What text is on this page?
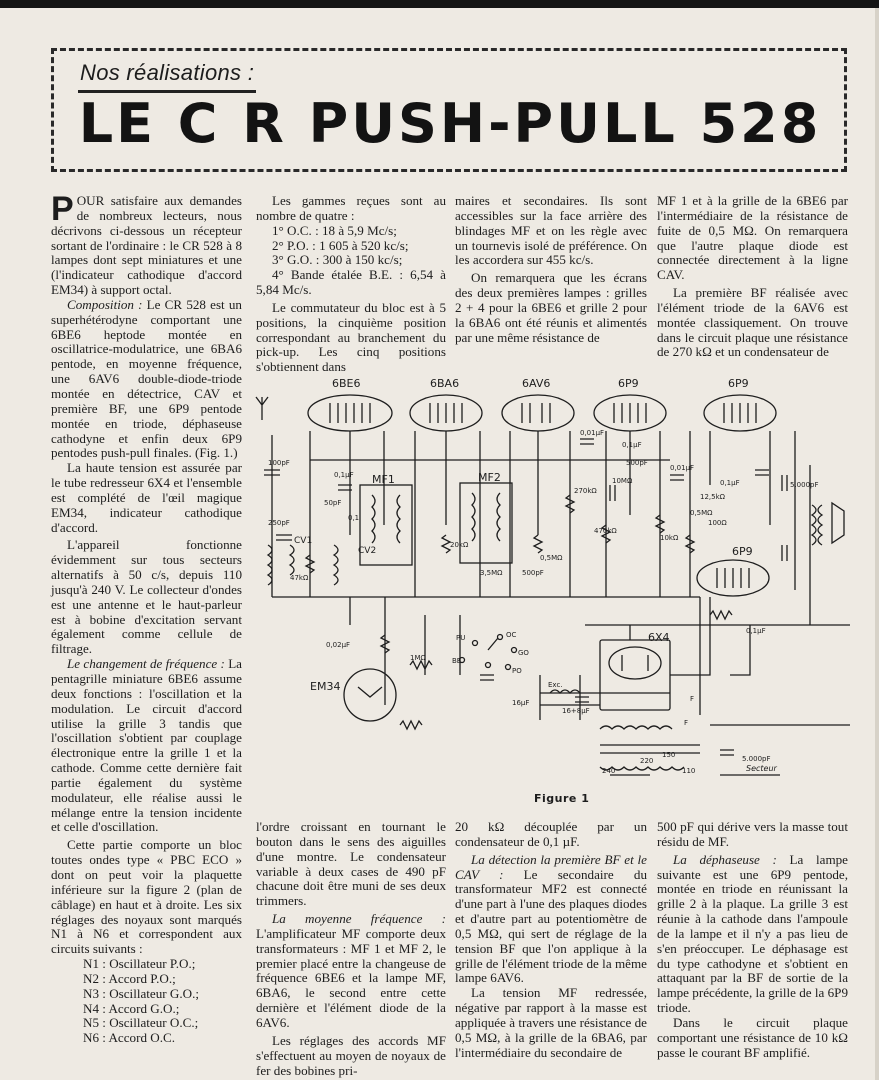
Nos réalisations :
LE C R PUSH-PULL 528

POUR satisfaire aux demandes de nombreux lecteurs, nous décrivons ci-dessous un récepteur sortant de l'ordinaire : le CR 528 à 8 lampes dont sept miniatures et une (l'indicateur cathodique d'accord EM34) à support octal.

Composition : Le CR 528 est un superhétérodyne comportant une 6BE6 heptode montée en oscillatrice-modulatrice, une 6BA6 pentode, en moyenne fréquence, une 6AV6 double-diode-triode montée en détectrice, CAV et première BF, une 6P9 pentode montée en triode, déphaseuse cathodyne et enfin deux 6P9 pentodes push-pull finales. (Fig. 1.)

La haute tension est assurée par le tube redresseur 6X4 et l'ensemble est complété de l'œil magique EM34, indicateur cathodique d'accord.

L'appareil fonctionne évidemment sur tous secteurs alternatifs à 50 c/s, depuis 110 jusqu'à 240 V. Le collecteur d'ondes est une antenne et le haut-parleur est à bobine d'excitation servant également comme cellule de filtrage.

Le changement de fréquence : La pentagrille miniature 6BE6 assume deux fonctions : l'oscillation et la modulation. Le circuit d'accord utilise la grille 3 tandis que l'oscillation s'obtient par couplage électronique entre la grille 1 et la cathode. Comme cette dernière fait partie également du système modulateur, elle réalise aussi le mélange entre la tension incidente et celle d'oscillation.

Cette partie comporte un bloc toutes ondes type « PBC ECO » dont on peut voir la plaquette inférieure sur la figure 2 (plan de câblage) en haut et à droite. Les six réglages des noyaux sont marqués N1 à N6 et correspondent aux circuits suivants :

N1 : Oscillateur P.O.;
N2 : Accord P.O.;
N3 : Oscillateur G.O.;
N4 : Accord G.O.;
N5 : Oscillateur O.C.;
N6 : Accord O.C.

Les gammes reçues sont au nombre de quatre :

1° O.C. : 18 à 5,9 Mc/s;

2° P.O. : 1 605 à 520 kc/s;

3° G.O. : 300 à 150 kc/s;

4° Bande étalée B.E. : 6,54 à 5,84 Mc/s.

Le commutateur du bloc est à 5 positions, la cinquième position correspondant au branchement du pick-up. Les cinq positions s'obtiennent dans

maires et secondaires. Ils sont accessibles sur la face arrière des blindages MF et on les règle avec un tournevis isolé de préférence. On les accordera sur 455 kc/s.

On remarquera que les écrans des deux premières lampes : grilles 2 + 4 pour la 6BE6 et grille 2 pour la 6BA6 ont été réunis et alimentés par une même résistance de

MF 1 et à la grille de la 6BE6 par l'intermédiaire de la résistance de fuite de 0,5 MΩ. On remarquera que l'autre plaque diode est connectée directement à la ligne CAV.

La première BF réalisée avec l'élément triode de la 6AV6 est montée classiquement. On trouve dans le circuit plaque une résistance de 270 kΩ et un condensateur de

6BE6	6BA6	6AV6	6P9	6P9
6P9
6X4
EM34
MF1	MF2
CV1
CV2
100pF
0,1µF
250pF
50pF
0,1
47kΩ
20kΩ
0,5MΩ
500pF
3,5MΩ
0,01µF
270kΩ
470kΩ
10MΩ
0,1µF
500pF
0,01µF
10kΩ
5.000pF
0,1µF
1MΩ
0,02µF
Exc.
16µF
16+8µF
0,1µF
220
150
110
240
5.000pF
Secteur
PU	OC
GO
PO
BE
F
F
100Ω
12,5kΩ
0,5MΩ
Figure 1

l'ordre croissant en tournant le bouton dans le sens des aiguilles d'une montre. Le condensateur variable à deux cases de 490 pF chacune doit être muni de ses deux trimmers.

La moyenne fréquence : L'amplificateur MF comporte deux transformateurs : MF 1 et MF 2, le premier placé entre la changeuse de fréquence 6BE6 et la lampe MF, 6BA6, le second entre cette dernière et l'élément diode de la 6AV6.

Les réglages des accords MF s'effectuent au moyen de noyaux de fer des bobines pri-

20 kΩ découplée par un condensateur de 0,1 µF.

La détection la première BF et le CAV : Le secondaire du transformateur MF2 est connecté d'une part à l'une des plaques diodes et d'autre part au potentiomètre de 0,5 MΩ, qui sert de réglage de la tension BF que l'on applique à la grille de l'élément triode de la même lampe 6AV6.

La tension MF redressée, négative par rapport à la masse est appliquée à travers une résistance de 0,5 MΩ, à la grille de la 6BA6, par l'intermédiaire du secondaire de

500 pF qui dérive vers la masse tout résidu de MF.

La déphaseuse : La lampe suivante est une 6P9 pentode, montée en triode en réunissant la grille 2 à la plaque. La grille 3 est réunie à la cathode dans l'ampoule de la lampe et il n'y a pas lieu de s'en préoccuper. Le déphasage est du type cathodyne et s'obtient en attaquant par la BF de sortie de la lampe précédente, la grille de la 6P9 triode.

Dans le circuit plaque comportant une résistance de 10 kΩ passe le courant BF amplifié.
